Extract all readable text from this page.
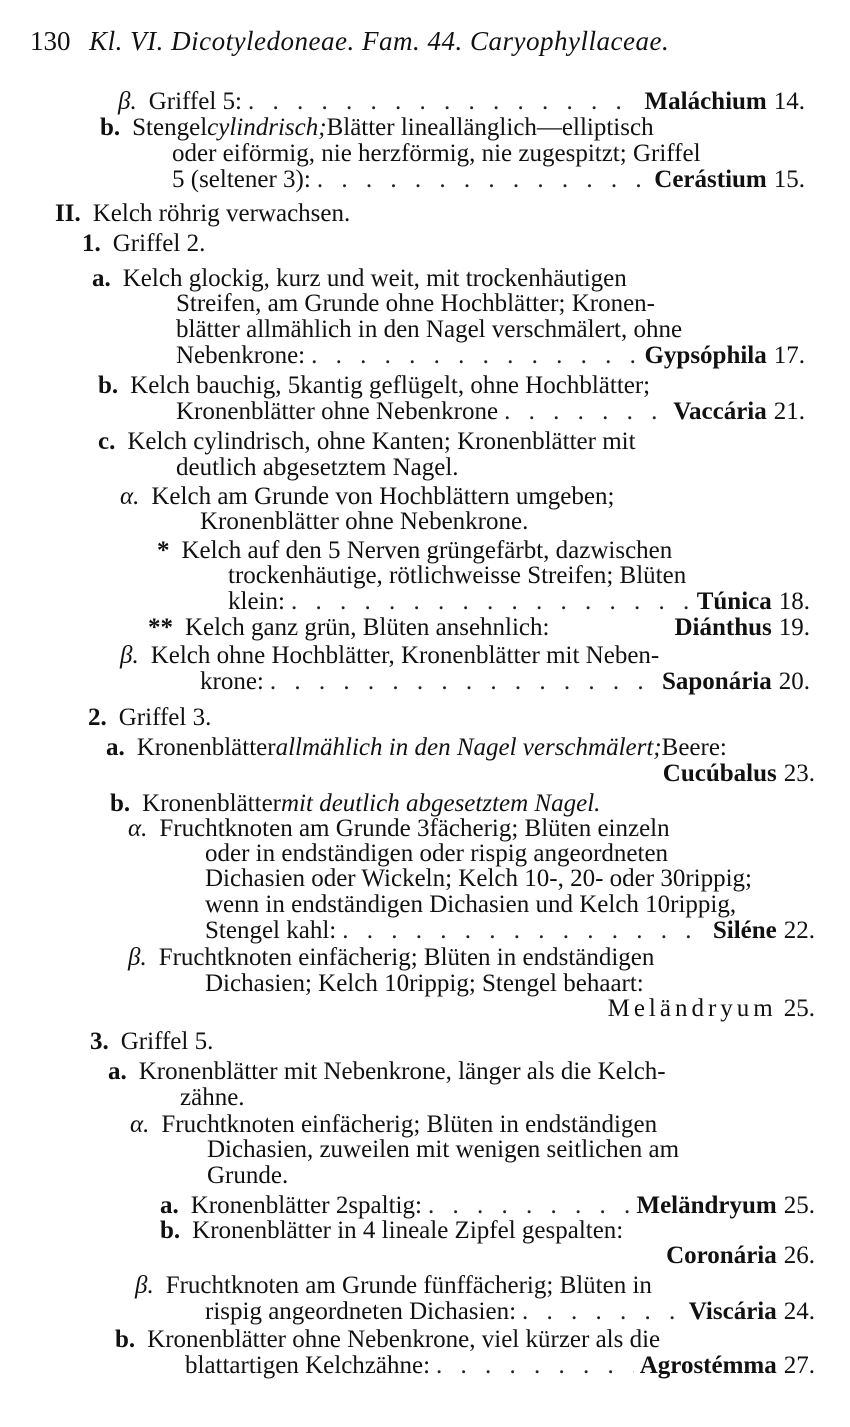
130 Kl. VI. Dicotyledoneae. Fam. 44. Caryophyllaceae.
β. Griffel 5: . . .	Maláchium 14.
b. Stengel cylindrisch; Blätter lineallänglich—elliptisch
oder eiförmig, nie herzförmig, nie zugespitzt; Griffel
5 (seltener 3): . . .	Cerástium 15.
II. Kelch röhrig verwachsen.
1. Griffel 2.
a. Kelch glockig, kurz und weit, mit trockenhäutigen
Streifen, am Grunde ohne Hochblätter; Kronen-
blätter allmählich in den Nagel verschmälert, ohne
Nebenkrone: . . .	Gypsóphila 17.
b. Kelch bauchig, 5kantig geflügelt, ohne Hochblätter;
Kronenblätter ohne Nebenkrone . . .	Vaccária 21.
c. Kelch cylindrisch, ohne Kanten; Kronenblätter mit
deutlich abgesetztem Nagel.
α. Kelch am Grunde von Hochblättern umgeben;
Kronenblätter ohne Nebenkrone.
* Kelch auf den 5 Nerven grüngefärbt, dazwischen
trockenhäutige, rötlichweisse Streifen; Blüten
klein: . . .	Túnica 18.
** Kelch ganz grün, Blüten ansehnlich:	Diánthus 19.
β. Kelch ohne Hochblätter, Kronenblätter mit Neben-
krone: . . .	Saponária 20.
2. Griffel 3.
a. Kronenblätter allmählich in den Nagel verschmälert; Beere:
Cucúbalus 23.
b. Kronenblätter mit deutlich abgesetztem Nagel.
α. Fruchtknoten am Grunde 3fächerig; Blüten einzeln
oder in endständigen oder rispig angeordneten
Dichasien oder Wickeln; Kelch 10-, 20- oder 30rippig;
wenn in endständigen Dichasien und Kelch 10rippig,
Stengel kahl: . . .	Siléne 22.
β. Fruchtknoten einfächerig; Blüten in endständigen
Dichasien; Kelch 10rippig; Stengel behaart:
Meländryum 25.
3. Griffel 5.
a. Kronenblätter mit Nebenkrone, länger als die Kelch-
zähne.
α. Fruchtknoten einfächerig; Blüten in endständigen
Dichasien, zuweilen mit wenigen seitlichen am
Grunde.
a. Kronenblätter 2spaltig: . . .	Meländryum 25.
b. Kronenblätter in 4 lineale Zipfel gespalten:
Coronária 26.
β. Fruchtknoten am Grunde fünffächerig; Blüten in
rispig angeordneten Dichasien: . . .	Viscária 24.
b. Kronenblätter ohne Nebenkrone, viel kürzer als die
blattartigen Kelchzähne: . . .	Agrostémma 27.
